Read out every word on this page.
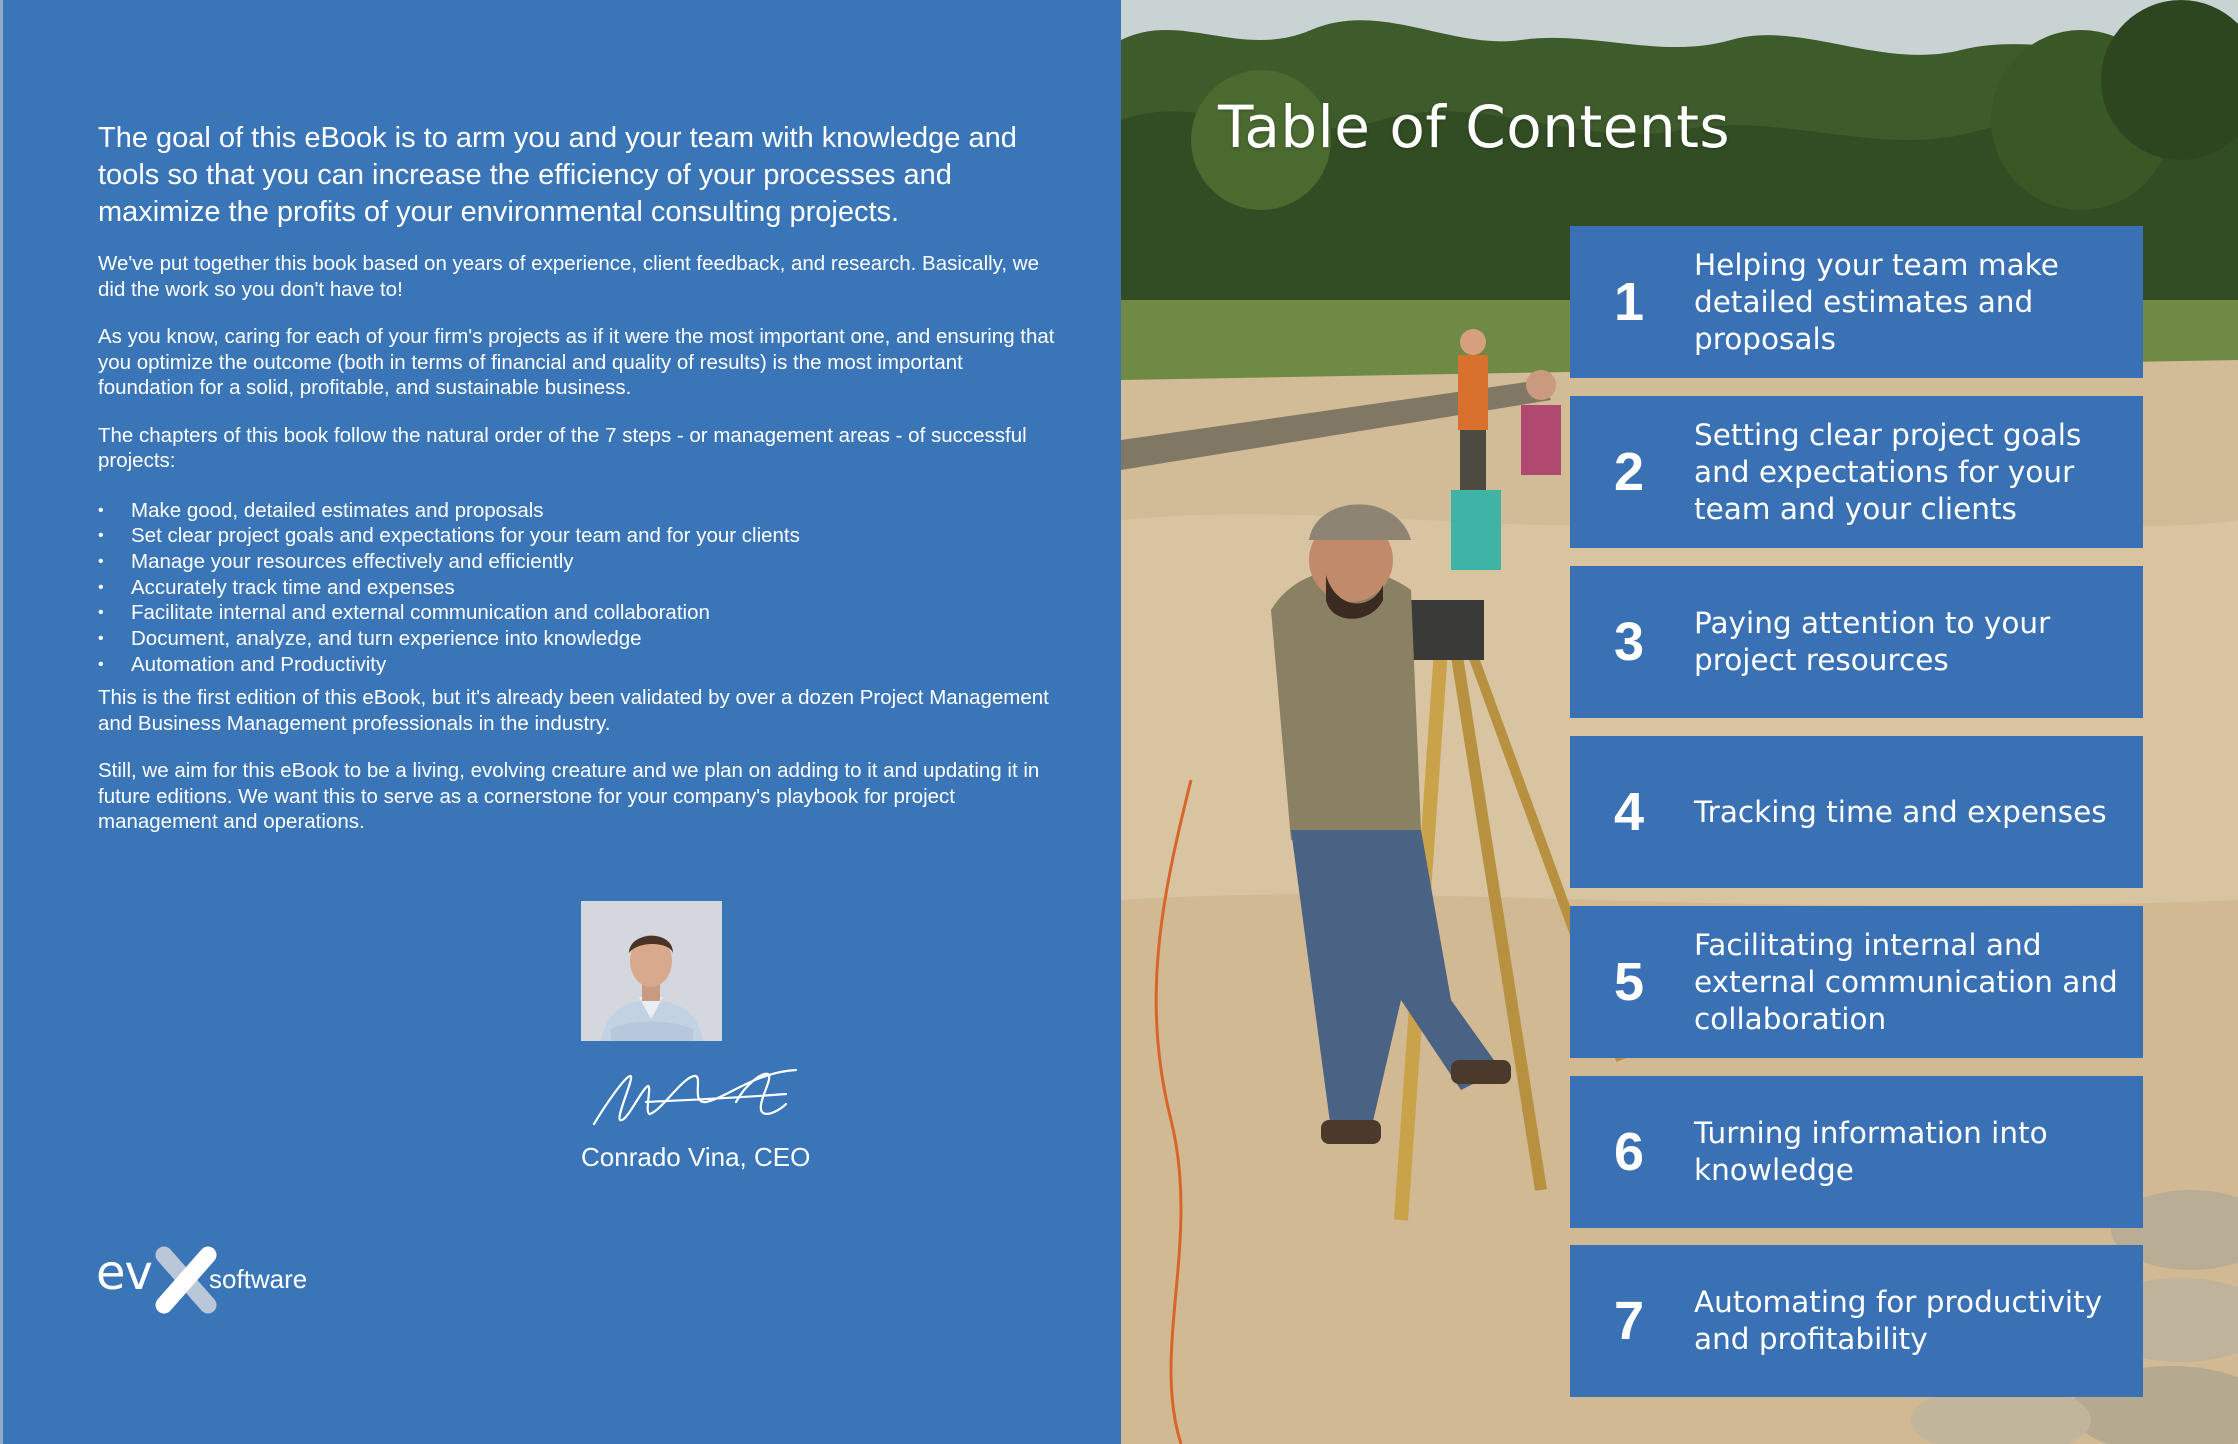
The goal of this eBook is to arm you and your team with knowledge and tools so that you can increase the efficiency of your processes and maximize the profits of your environmental consulting projects.

We've put together this book based on years of experience, client feedback, and research. Basically, we did the work so you don't have to!

As you know, caring for each of your firm's projects as if it were the most important one, and ensuring that you optimize the outcome (both in terms of financial and quality of results) is the most important foundation for a solid, profitable, and sustainable business.

The chapters of this book follow the natural order of the 7 steps - or management areas - of successful projects:

• Make good, detailed estimates and proposals
• Set clear project goals and expectations for your team and for your clients
• Manage your resources effectively and efficiently
• Accurately track time and expenses
• Facilitate internal and external communication and collaboration
• Document, analyze, and turn experience into knowledge
• Automation and Productivity

This is the first edition of this eBook, but it's already been validated by over a dozen Project Management and Business Management professionals in the industry.

Still, we aim for this eBook to be a living, evolving creature and we plan on adding to it and updating it in future editions. We want this to serve as a cornerstone for your company's playbook for project management and operations.

Conrado Vina, CEO
ev software
Table of Contents
1
Helping your team make detailed estimates and proposals
2
Setting clear project goals and expectations for your team and your clients
3	Paying attention to your project resources
4	Tracking time and expenses
5
Facilitating internal and external communication and collaboration
6	Turning information into knowledge
7	Automating for productivity and profitability
